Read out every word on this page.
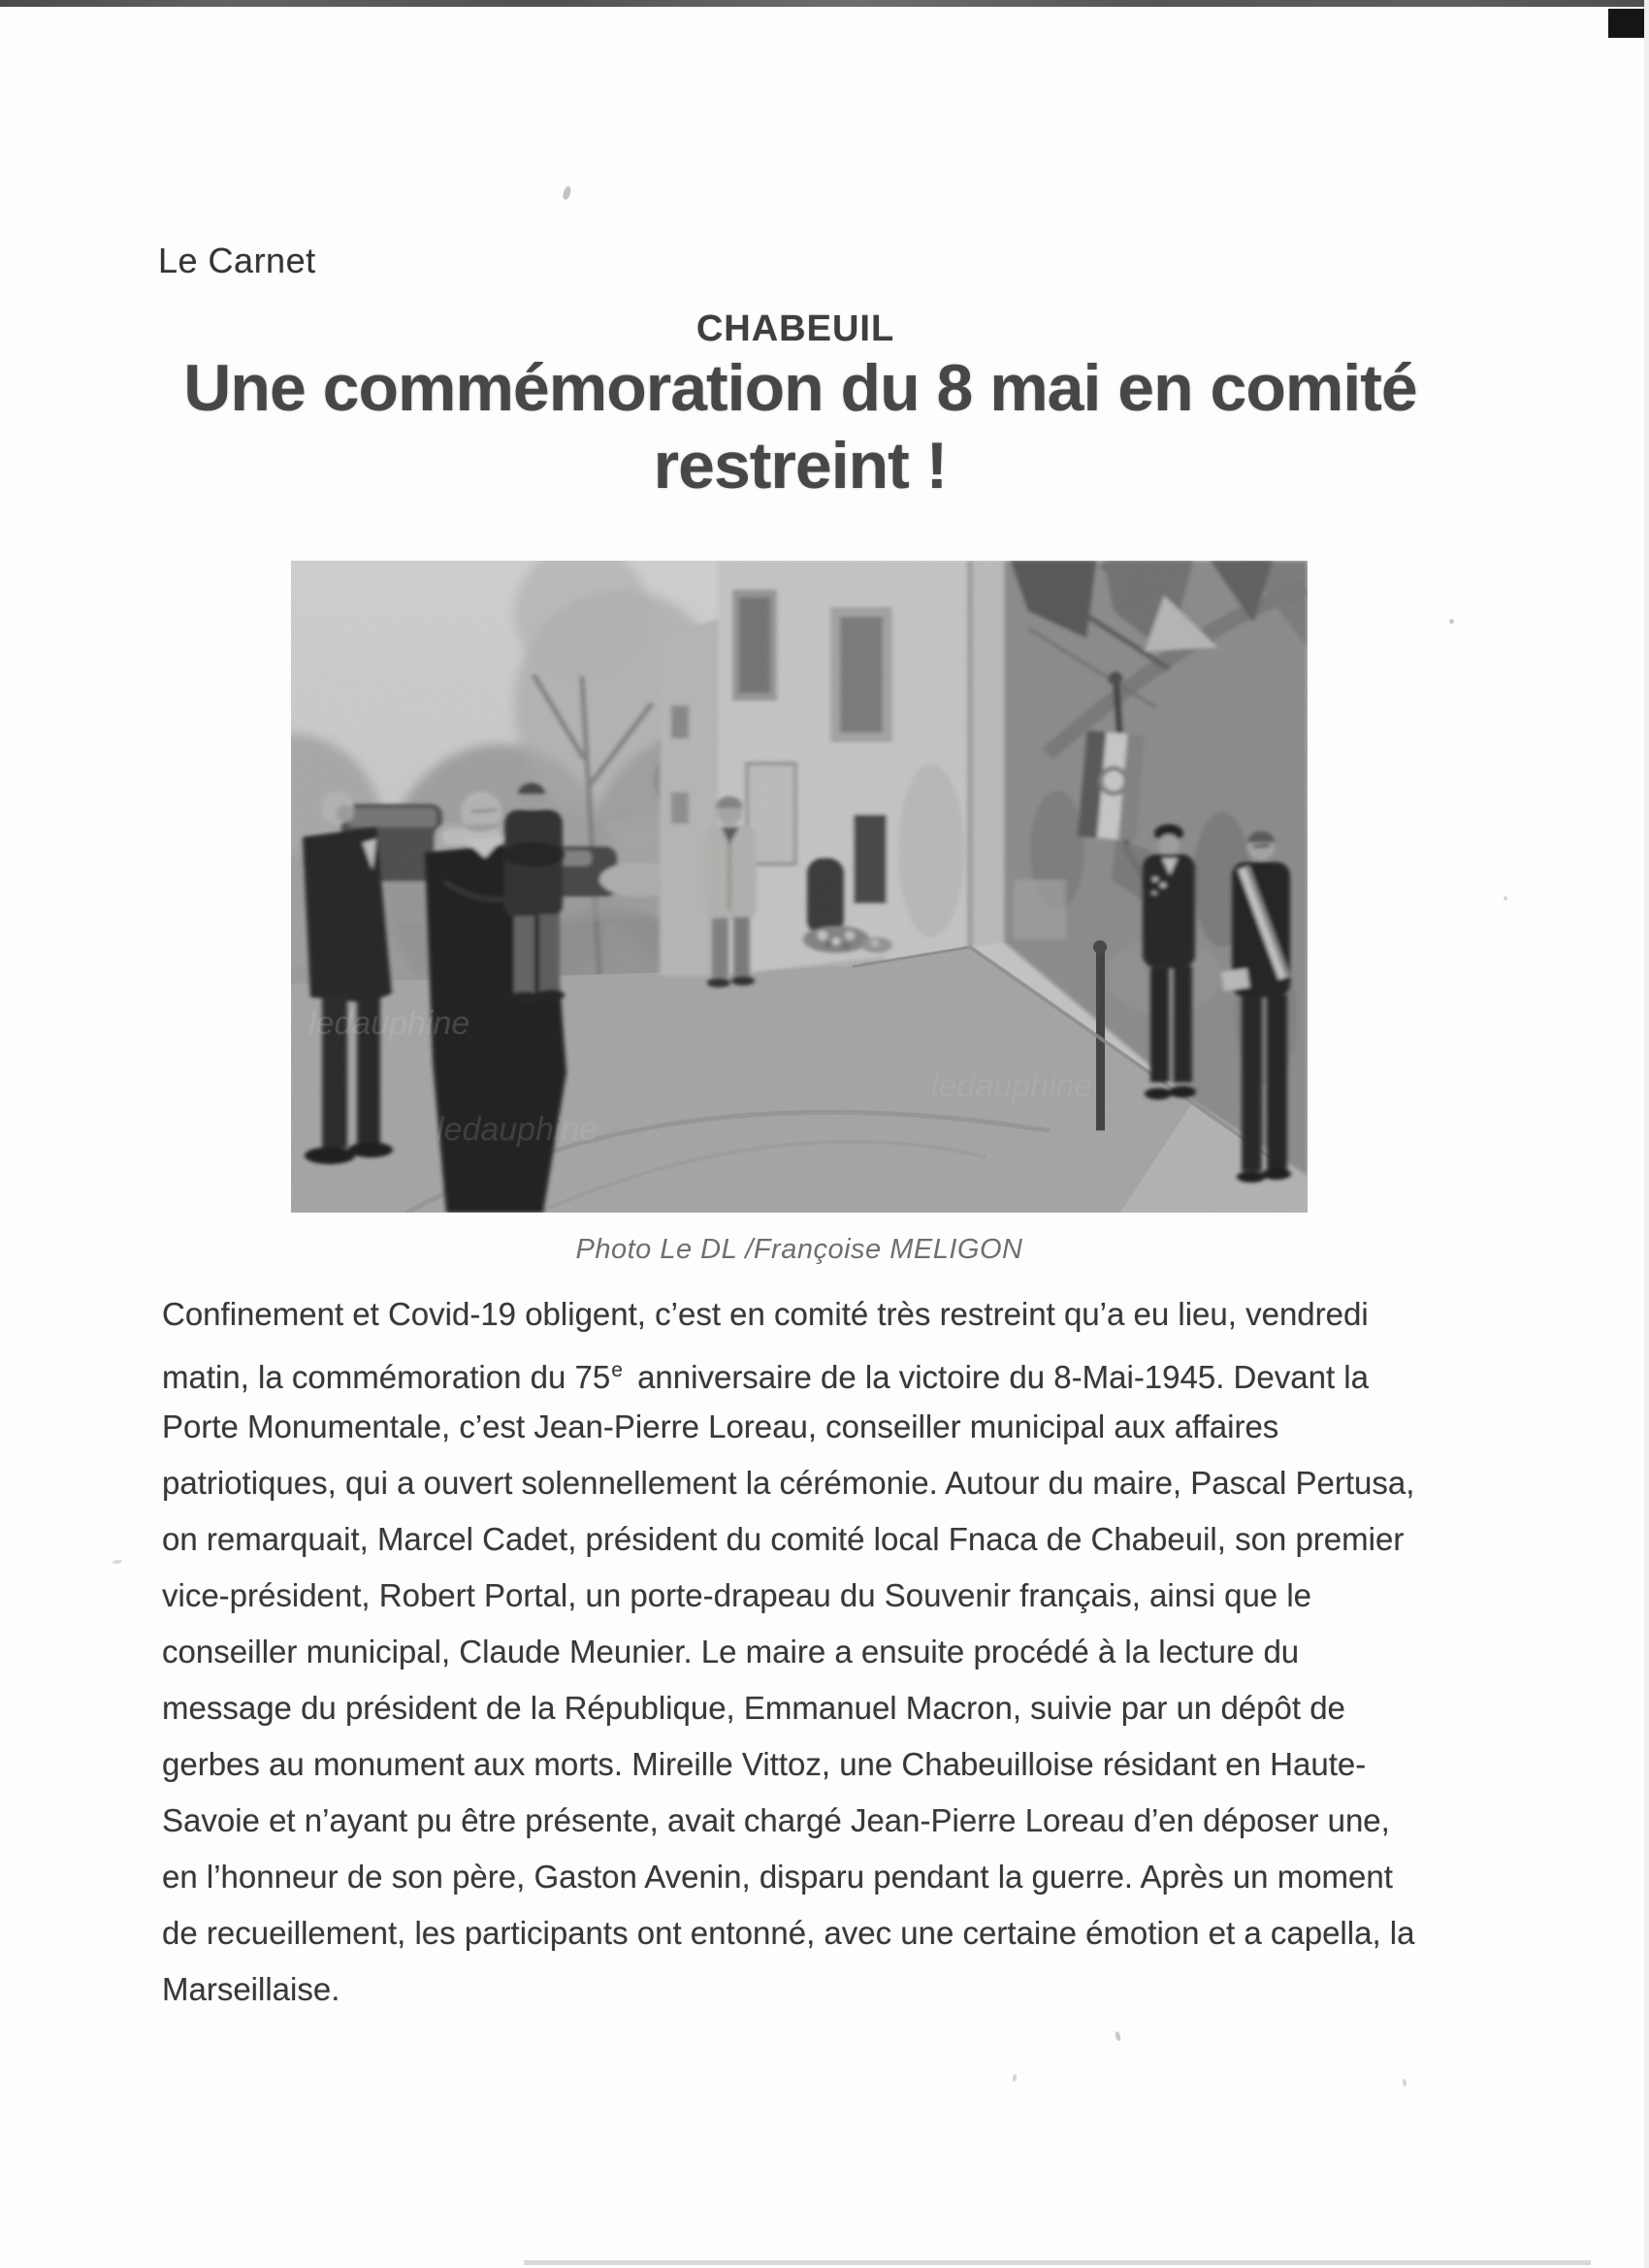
Le Carnet
CHABEUIL
Une commémoration du 8 mai en comité restreint !
ledauphine
ledauphine
ledauphine
Photo Le DL /Françoise MELIGON
Confinement et Covid-19 obligent, c’est en comité très restreint qu’a eu lieu, vendredi
matin, la commémoration du 75e anniversaire de la victoire du 8-Mai-1945. Devant la
Porte Monumentale, c’est Jean-Pierre Loreau, conseiller municipal aux affaires
patriotiques, qui a ouvert solennellement la cérémonie. Autour du maire, Pascal Pertusa,
on remarquait, Marcel Cadet, président du comité local Fnaca de Chabeuil, son premier
vice-président, Robert Portal, un porte-drapeau du Souvenir français, ainsi que le
conseiller municipal, Claude Meunier. Le maire a ensuite procédé à la lecture du
message du président de la République, Emmanuel Macron, suivie par un dépôt de
gerbes au monument aux morts. Mireille Vittoz, une Chabeuilloise résidant en Haute-
Savoie et n’ayant pu être présente, avait chargé Jean-Pierre Loreau d’en déposer une,
en l’honneur de son père, Gaston Avenin, disparu pendant la guerre. Après un moment
de recueillement, les participants ont entonné, avec une certaine émotion et a capella, la
Marseillaise.
